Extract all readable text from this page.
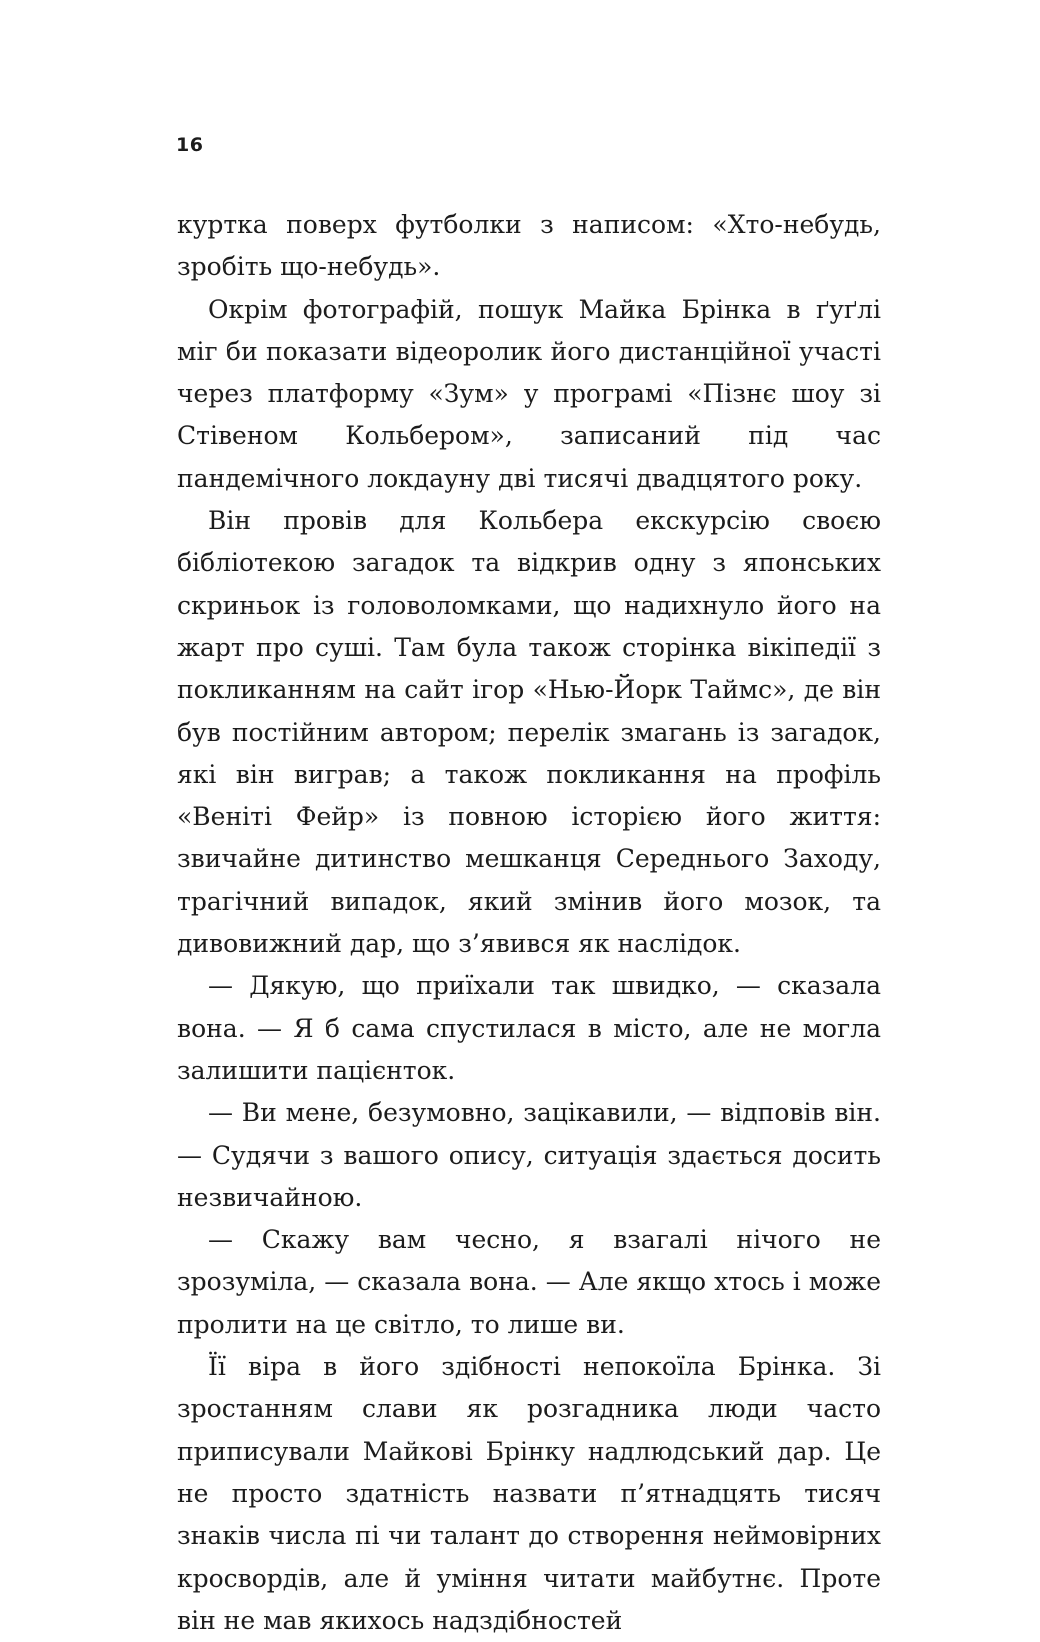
16

куртка поверх футболки з написом: «Хто-небудь, зробіть що-небудь».

Окрім фотографій, пошук Майка Брінка в ґуґлі міг би показати відеоролик його дистанційної участі через платформу «Зум» у програмі «Пізнє шоу зі Стівеном Кольбером», записаний під час пандемічного локдауну дві тисячі двадцятого року.

Він провів для Кольбера екскурсію своєю бібліотекою загадок та відкрив одну з японських скриньок із головоломками, що надихнуло його на жарт про суші. Там була також сторінка вікіпедії з покликанням на сайт ігор «Нью-Йорк Таймс», де він був постійним автором; перелік змагань із загадок, які він виграв; а також покликання на профіль «Веніті Фейр» із повною історією його життя: звичайне дитинство мешканця Середнього Заходу, трагічний випадок, який змінив його мозок, та дивовижний дар, що з’явився як наслідок.

— Дякую, що приїхали так швидко, — сказала вона. — Я б сама спустилася в місто, але не могла залишити пацієнток.

— Ви мене, безумовно, зацікавили, — відповів він. — Судячи з вашого опису, ситуація здається досить незвичайною.

— Скажу вам чесно, я взагалі нічого не зрозуміла, — сказала вона. — Але якщо хтось і може пролити на це світло, то лише ви.

Її віра в його здібності непокоїла Брінка. Зі зростанням слави як розгадника люди часто приписували Майкові Брінку надлюдський дар. Це не просто здатність назвати п’ятнадцять тисяч знаків числа пі чи талант до створення неймовірних кросвордів, але й уміння читати майбутнє. Проте він не мав якихось надздібностей
